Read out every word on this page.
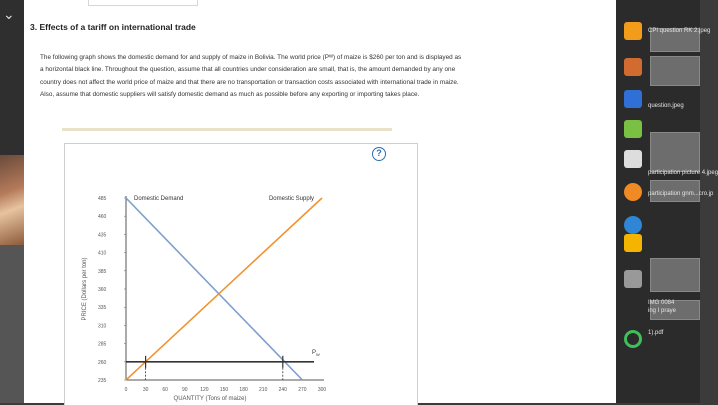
⌄
3. Effects of a tariff on international trade

The following graph shows the domestic demand for and supply of maize in Bolivia. The world price (Pᵂ) of maize is $260 per ton and is displayed as

a horizontal black line. Throughout the question, assume that all countries under consideration are small, that is, the amount demanded by any one

country does not affect the world price of maize and that there are no transportation or transaction costs associated with international trade in maize.

Also, assume that domestic suppliers will satisfy domestic demand as much as possible before any exporting or importing takes place.

?
235
260
285
310
335
360
385
410
435
460
485
0	30	60	90	120 150 180 210 240 270 300
QUANTITY (Tons of maize)
PRICE (Dollars per ton)
Domestic Demand	Domestic Supply
P W
CPI question RK 2.jpeg
question.jpeg
participation picture 4.jpeg
participation gnm...cro.jp
IMG 0084
ing I praye
1).pdf
